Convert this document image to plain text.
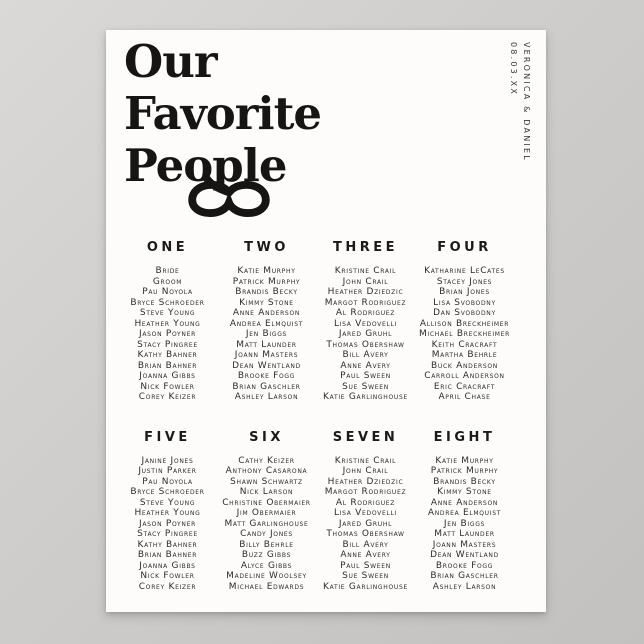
Our
Favorite
People
VERONICA & DANIEL
08.03.XX
ONE
Bride
Groom
Pau Noyola
Bryce Schroeder
Steve Young
Heather Young
Jason Poyner
Stacy Pingree
Kathy Bahner
Brian Bahner
Joanna Gibbs
Nick Fowler
Corey Keizer
TWO
Katie Murphy
Patrick Murphy
Brandis Becky
Kimmy Stone
Anne Anderson
Andrea Elmquist
Jen Biggs
Matt Launder
Joann Masters
Dean Wentland
Brooke Fogg
Brian Gaschler
Ashley Larson
THREE
Kristine Crail
John Crail
Heather Dziedzic
Margot Rodriguez
Al Rodriguez
Lisa Vedovelli
Jared Gruhl
Thomas Obershaw
Bill Avery
Anne Avery
Paul Sween
Sue Sween
Katie Garlinghouse
FOUR
Katharine LeCates
Stacey Jones
Brian Jones
Lisa Svobodny
Dan Svobodny
Allison Breckheimer
Michael Breckheimer
Keith Cracraft
Martha Behrle
Buck Anderson
Carroll Anderson
Eric Cracraft
April Chase
FIVE
Janine Jones
Justin Parker
Pau Noyola
Bryce Schroeder
Steve Young
Heather Young
Jason Poyner
Stacy Pingree
Kathy Bahner
Brian Bahner
Joanna Gibbs
Nick Fowler
Corey Keizer
SIX
Cathy Keizer
Anthony Casarona
Shawn Schwartz
Nick Larson
Christine Obermaier
Jim Obermaier
Matt Garlinghouse
Candy Jones
Billy Behrle
Buzz Gibbs
Alyce Gibbs
Madeline Woolsey
Michael Edwards
SEVEN
Kristine Crail
John Crail
Heather Dziedzic
Margot Rodriguez
Al Rodriguez
Lisa Vedovelli
Jared Gruhl
Thomas Obershaw
Bill Avery
Anne Avery
Paul Sween
Sue Sween
Katie Garlinghouse
EIGHT
Katie Murphy
Patrick Murphy
Brandis Becky
Kimmy Stone
Anne Anderson
Andrea Elmquist
Jen Biggs
Matt Launder
Joann Masters
Dean Wentland
Brooke Fogg
Brian Gaschler
Ashley Larson
